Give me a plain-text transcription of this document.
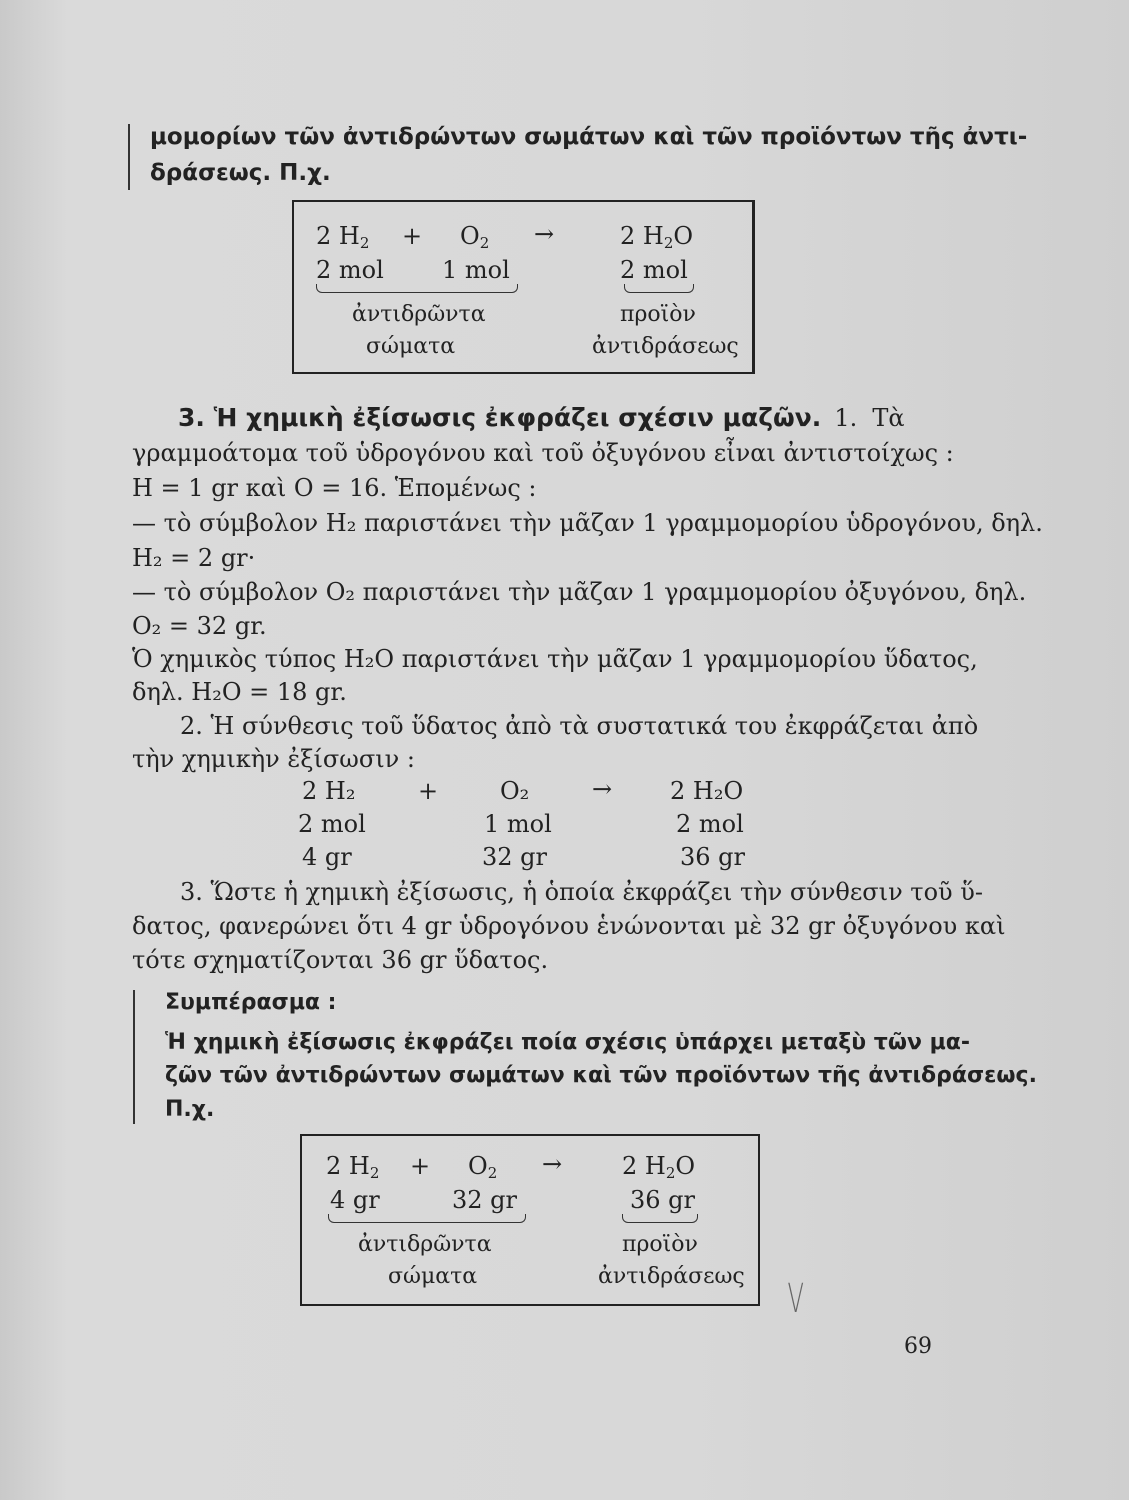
μομορίων τῶν ἀντιδρώντων σωμάτων καὶ τῶν προϊόντων τῆς ἀντι-
δράσεως. Π.χ.
2 $H_2 + O_2$ →	2 $H_2O$
2 mol 1 mol	2 mol
ἀντιδρῶντα
σώματα
προϊὸν
ἀντιδράσεως
3. Ἡ χημικὴ ἐξίσωσις ἐκφράζει σχέσιν μαζῶν. 1. Τὰ
γραμμοάτομα τοῦ ὑδρογόνου καὶ τοῦ ὀξυγόνου εἶναι ἀντιστοίχως :
H = 1 gr καὶ O = 16. Ἑπομένως :
— τὸ σύμβολον H₂ παριστάνει τὴν μᾶζαν 1 γραμμομορίου ὑδρογόνου, δηλ.
H₂ = 2 gr·
— τὸ σύμβολον O₂ παριστάνει τὴν μᾶζαν 1 γραμμομορίου ὀξυγόνου, δηλ.
O₂ = 32 gr.
Ὁ χημικὸς τύπος H₂O παριστάνει τὴν μᾶζαν 1 γραμμομορίου ὕδατος,
δηλ. H₂O = 18 gr.
2. Ἡ σύνθεσις τοῦ ὕδατος ἀπὸ τὰ συστατικά του ἐκφράζεται ἀπὸ
τὴν χημικὴν ἐξίσωσιν :
2 H₂	+	O₂	→ 2 H₂O
2 mol	1 mol	2 mol
4 gr	32 gr	36 gr
3. Ὥστε ἡ χημικὴ ἐξίσωσις, ἡ ὁποία ἐκφράζει τὴν σύνθεσιν τοῦ ὕ-
δατος, φανερώνει ὅτι 4 gr ὑδρογόνου ἑνώνονται μὲ 32 gr ὀξυγόνου καὶ
τότε σχηματίζονται 36 gr ὕδατος.
Συμπέρασμα :
Ἡ χημικὴ ἐξίσωσις ἐκφράζει ποία σχέσις ὑπάρχει μεταξὺ τῶν μα-
ζῶν τῶν ἀντιδρώντων σωμάτων καὶ τῶν προϊόντων τῆς ἀντιδράσεως.
Π.χ.
2 $H_2 + O_2 \to 2$ $H_2O$
4 gr	32 gr	36 gr
ἀντιδρῶντα
σώματα
προϊὸν
ἀντιδράσεως V
69
